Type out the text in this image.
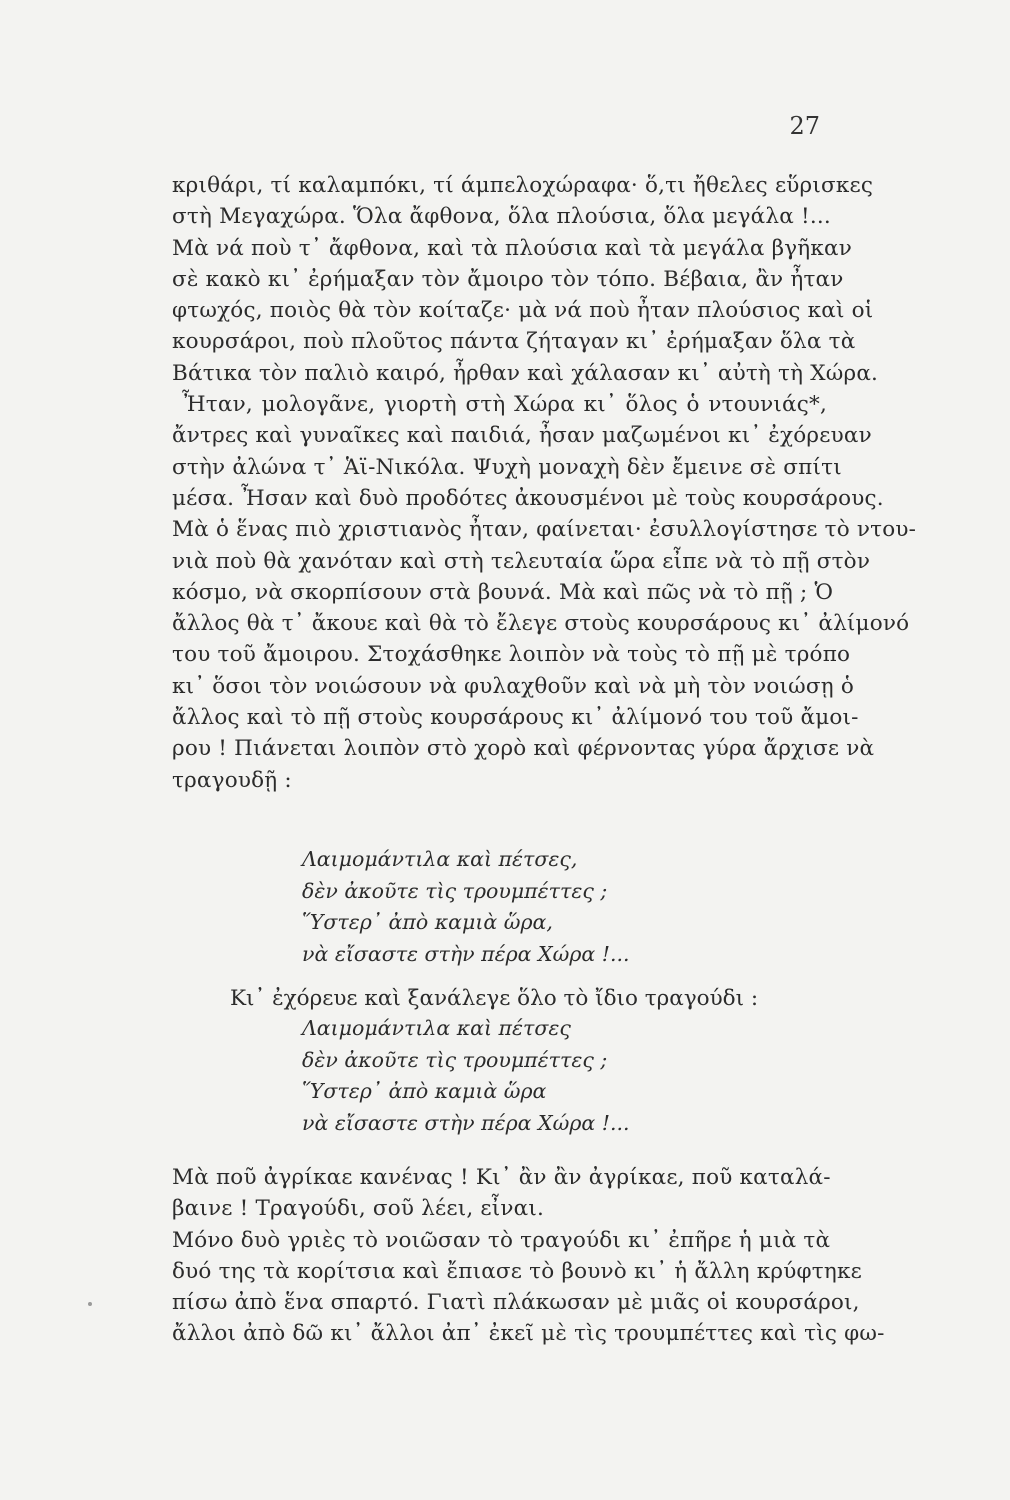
27
κριθάρι, τί καλαμπόκι, τί άμπελοχώραφα· ὅ,τι ἤθελες εὕρισκες
στὴ Μεγαχώρα. Ὅλα ἄφθονα, ὅλα πλούσια, ὅλα μεγάλα !...
Μὰ νά ποὺ τ᾿ ἄφθονα, καὶ τὰ πλούσια καὶ τὰ μεγάλα βγῆκαν
σὲ κακὸ κι᾿ ἐρήμαξαν τὸν ἄμοιρο τὸν τόπο. Βέβαια, ἂν ἦταν
φτωχός, ποιὸς θὰ τὸν κοίταζε· μὰ νά ποὺ ἦταν πλούσιος καὶ οἱ
κουρσάροι, ποὺ πλοῦτος πάντα ζήταγαν κι᾿ ἐρήμαξαν ὅλα τὰ
Βάτικα τὸν παλιὸ καιρό, ἦρθαν καὶ χάλασαν κι᾿ αὐτὴ τὴ Χώρα.
Ἦταν, μολογᾶνε, γιορτὴ στὴ Χώρα κι᾿ ὅλος ὁ ντουνιάς*,
ἄντρες καὶ γυναῖκες καὶ παιδιά, ἦσαν μαζωμένοι κι᾿ ἐχόρευαν
στὴν ἀλώνα τ᾿ Ἁϊ-Νικόλα. Ψυχὴ μοναχὴ δὲν ἔμεινε σὲ σπίτι
μέσα. Ἦσαν καὶ δυὸ προδότες ἀκουσμένοι μὲ τοὺς κουρσάρους.
Μὰ ὁ ἕνας πιὸ χριστιανὸς ἦταν, φαίνεται· ἐσυλλογίστησε τὸ ντου-
νιὰ ποὺ θὰ χανόταν καὶ στὴ τελευταία ὥρα εἶπε νὰ τὸ πῇ στὸν
κόσμο, νὰ σκορπίσουν στὰ βουνά. Μὰ καὶ πῶς νὰ τὸ πῇ ; Ὁ
ἄλλος θὰ τ᾿ ἄκουε καὶ θὰ τὸ ἔλεγε στοὺς κουρσάρους κι᾿ ἀλίμονό
του τοῦ ἄμοιρου. Στοχάσθηκε λοιπὸν νὰ τοὺς τὸ πῇ μὲ τρόπο
κι᾿ ὅσοι τὸν νοιώσουν νὰ φυλαχθοῦν καὶ νὰ μὴ τὸν νοιώσῃ ὁ
ἄλλος καὶ τὸ πῇ στοὺς κουρσάρους κι᾿ ἀλίμονό του τοῦ ἄμοι-
ρου ! Πιάνεται λοιπὸν στὸ χορὸ καὶ φέρνοντας γύρα ἄρχισε νὰ
τραγουδῇ :
Λαιμομάντιλα καὶ πέτσες,
δὲν ἀκοῦτε τὶς τρουμπέττες ;
Ὕστερ᾿ ἀπὸ καμιὰ ὥρα,
νὰ εἴσαστε στὴν πέρα Χώρα !...
Κι᾿ ἐχόρευε καὶ ξανάλεγε ὅλο τὸ ἴδιο τραγούδι :
Λαιμομάντιλα καὶ πέτσες
δὲν ἀκοῦτε τὶς τρουμπέττες ;
Ὕστερ᾿ ἀπὸ καμιὰ ὥρα
νὰ εἴσαστε στὴν πέρα Χώρα !...
Μὰ ποῦ ἀγρίκαε κανένας ! Κι᾿ ἂν ἂν ἀγρίκαε, ποῦ καταλά-
βαινε ! Τραγούδι, σοῦ λέει, εἶναι.
Μόνο δυὸ γριὲς τὸ νοιῶσαν τὸ τραγούδι κι᾿ ἐπῆρε ἡ μιὰ τὰ
δυό της τὰ κορίτσια καὶ ἔπιασε τὸ βουνὸ κι᾿ ἡ ἄλλη κρύφτηκε
πίσω ἀπὸ ἕνα σπαρτό. Γιατὶ πλάκωσαν μὲ μιᾶς οἱ κουρσάροι,
ἄλλοι ἀπὸ δῶ κι᾿ ἄλλοι ἀπ᾿ ἐκεῖ μὲ τὶς τρουμπέττες καὶ τὶς φω-
